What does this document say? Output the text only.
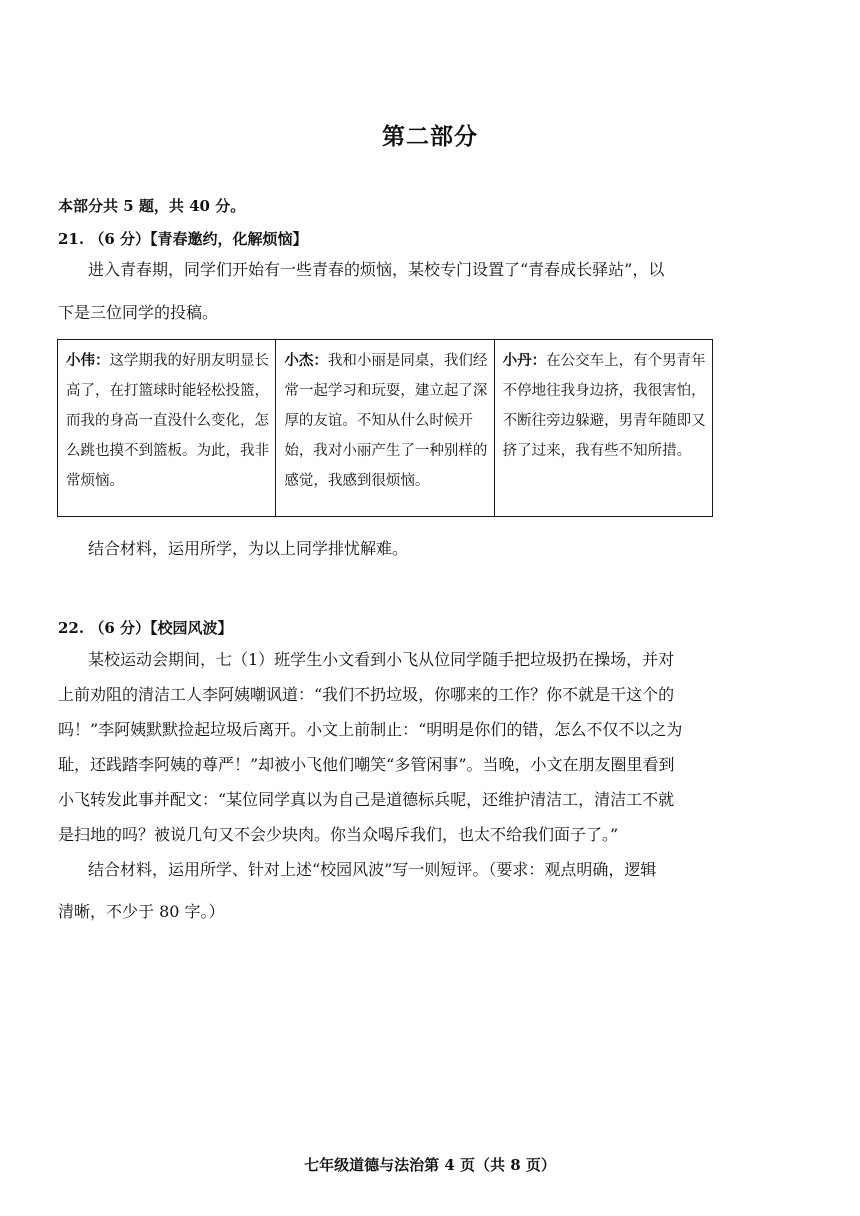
第二部分
本部分共 5 题，共 40 分。
21. （6 分）【青春邀约，化解烦恼】
进入青春期，同学们开始有一些青春的烦恼，某校专门设置了“青春成长驿站”，以
下是三位同学的投稿。
小伟：这学期我的好朋友明显长高了，在打篮球时能轻松投篮，而我的身高一直没什么变化，怎么跳也摸不到篮板。为此，我非常烦恼。
小杰：我和小丽是同桌，我们经常一起学习和玩耍，建立起了深厚的友谊。不知从什么时候开始，我对小丽产生了一种别样的感觉，我感到很烦恼。
小丹：在公交车上，有个男青年不停地往我身边挤，我很害怕，不断往旁边躲避，男青年随即又挤了过来，我有些不知所措。
结合材料，运用所学，为以上同学排忧解难。
22. （6 分）【校园风波】
某校运动会期间，七（1）班学生小文看到小飞从位同学随手把垃圾扔在操场，并对
上前劝阻的清洁工人李阿姨嘲讽道：“我们不扔垃圾，你哪来的工作？你不就是干这个的
吗！”李阿姨默默捡起垃圾后离开。小文上前制止：“明明是你们的错，怎么不仅不以之为
耻，还践踏李阿姨的尊严！”却被小飞他们嘲笑“多管闲事”。当晚，小文在朋友圈里看到
小飞转发此事并配文：“某位同学真以为自己是道德标兵呢，还维护清洁工，清洁工不就
是扫地的吗？被说几句又不会少块肉。你当众喝斥我们，也太不给我们面子了。”
结合材料，运用所学、针对上述“校园风波”写一则短评。（要求：观点明确，逻辑
清晰，不少于 80 字。）
七年级道德与法治第 4 页（共 8 页）
